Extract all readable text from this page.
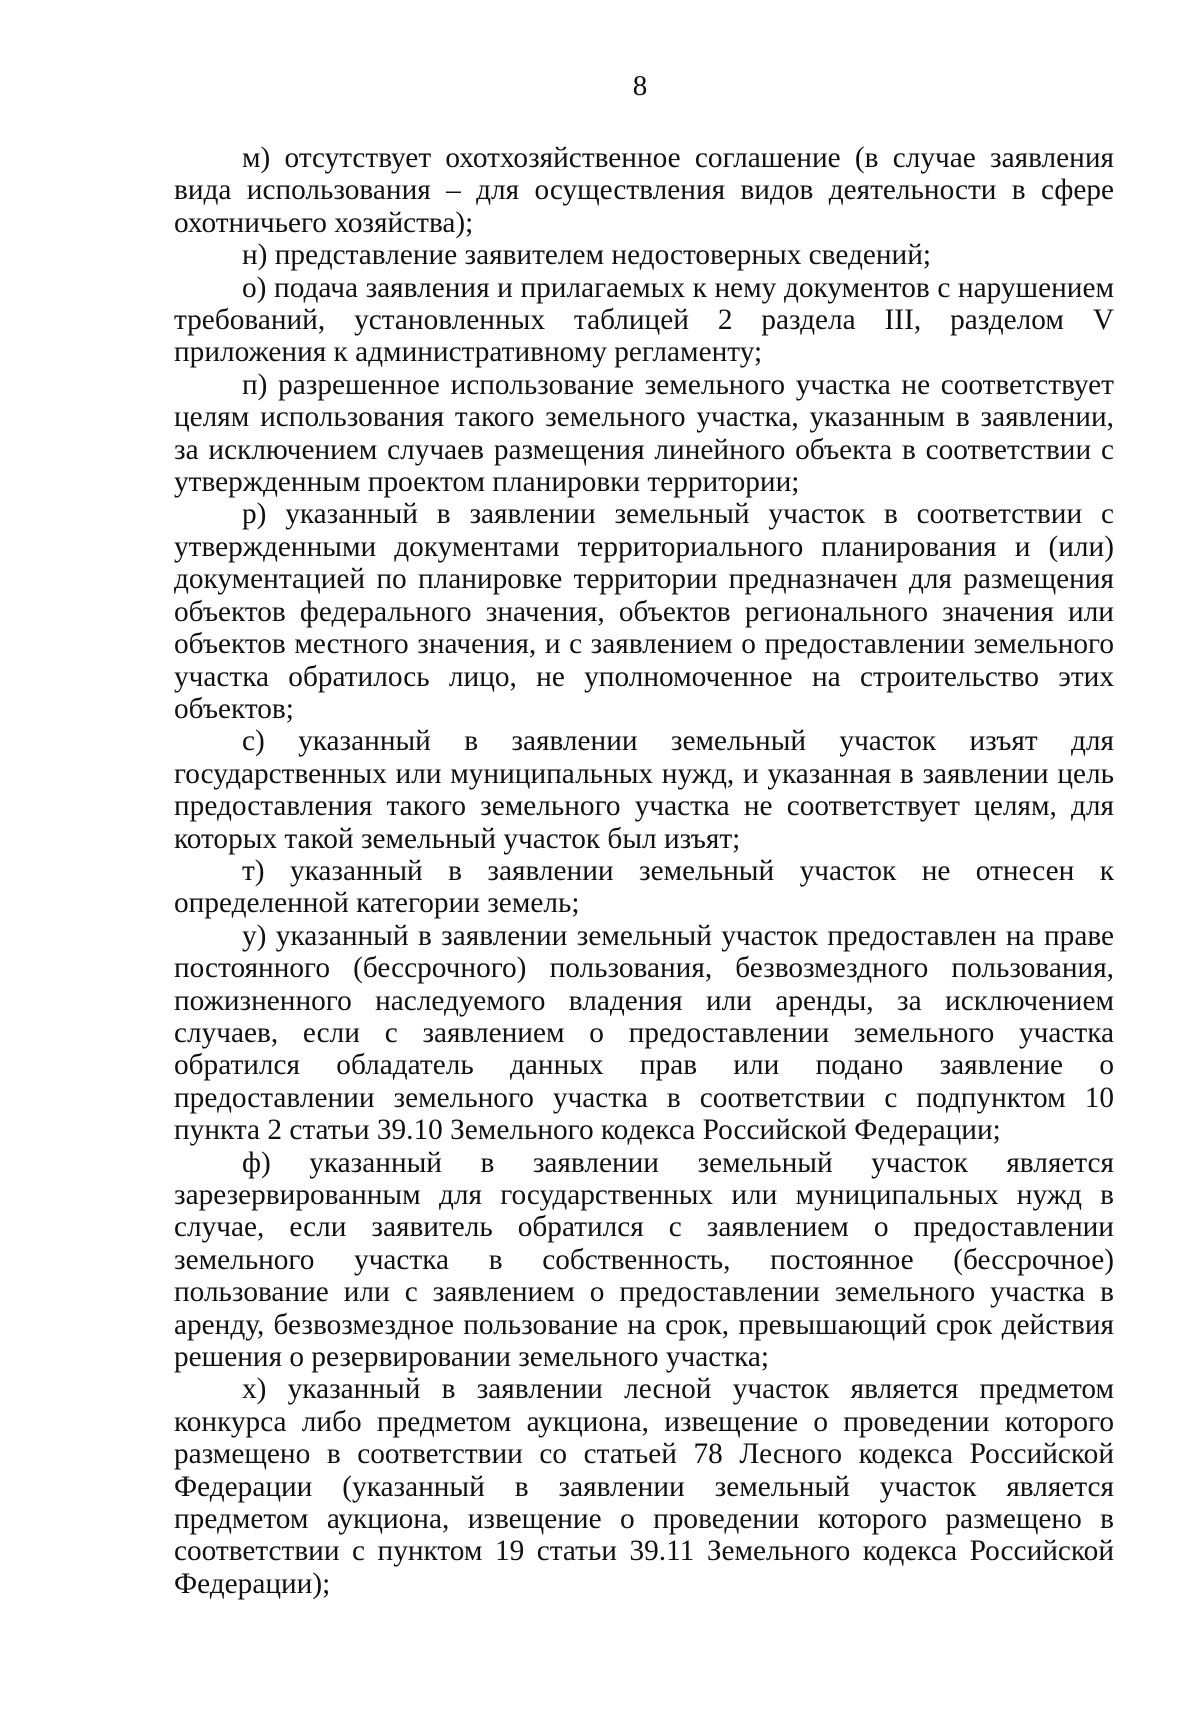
8

м) отсутствует охотхозяйственное соглашение (в случае заявления вида использования – для осуществления видов деятельности в сфере охотничьего хозяйства);

н) представление заявителем недостоверных сведений;

о) подача заявления и прилагаемых к нему документов с нарушением требований, установленных таблицей 2 раздела III, разделом V приложения к административному регламенту;

п) разрешенное использование земельного участка не соответствует целям использования такого земельного участка, указанным в заявлении, за исключением случаев размещения линейного объекта в соответствии с утвержденным проектом планировки территории;

р) указанный в заявлении земельный участок в соответствии с утвержденными документами территориального планирования и (или) документацией по планировке территории предназначен для размещения объектов федерального значения, объектов регионального значения или объектов местного значения, и с заявлением о предоставлении земельного участка обратилось лицо, не уполномоченное на строительство этих объектов;

с) указанный в заявлении земельный участок изъят для государственных или муниципальных нужд, и указанная в заявлении цель предоставления такого земельного участка не соответствует целям, для которых такой земельный участок был изъят;

т) указанный в заявлении земельный участок не отнесен к определенной категории земель;

у) указанный в заявлении земельный участок предоставлен на праве постоянного (бессрочного) пользования, безвозмездного пользования, пожизненного наследуемого владения или аренды, за исключением случаев, если с заявлением о предоставлении земельного участка обратился обладатель данных прав или подано заявление о предоставлении земельного участка в соответствии с подпунктом 10 пункта 2 статьи 39.10 Земельного кодекса Российской Федерации;

ф) указанный в заявлении земельный участок является зарезервированным для государственных или муниципальных нужд в случае, если заявитель обратился с заявлением о предоставлении земельного участка в собственность, постоянное (бессрочное) пользование или с заявлением о предоставлении земельного участка в аренду, безвозмездное пользование на срок, превышающий срок действия решения о резервировании земельного участка;

х) указанный в заявлении лесной участок является предметом конкурса либо предметом аукциона, извещение о проведении которого размещено в соответствии со статьей 78 Лесного кодекса Российской Федерации (указанный в заявлении земельный участок является предметом аукциона, извещение о проведении которого размещено в соответствии с пунктом 19 статьи 39.11 Земельного кодекса Российской Федерации);
